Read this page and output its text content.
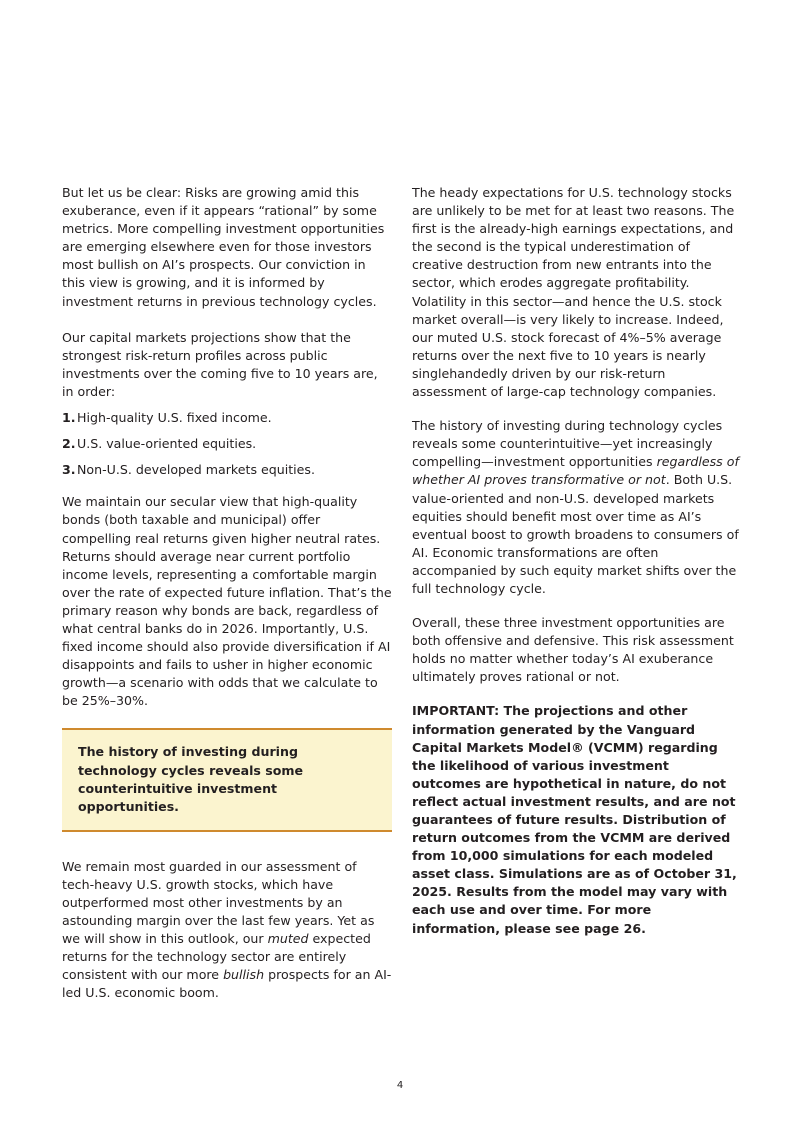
But let us be clear: Risks are growing amid this exuberance, even if it appears “rational” by some metrics. More compelling investment opportunities are emerging elsewhere even for those investors most bullish on AI’s prospects. Our conviction in this view is growing, and it is informed by investment returns in previous technology cycles.

Our capital markets projections show that the strongest risk-return profiles across public investments over the coming five to 10 years are, in order:

1. High-quality U.S. fixed income.
2. U.S. value-oriented equities.
3. Non-U.S. developed markets equities.

We maintain our secular view that high-quality bonds (both taxable and municipal) offer compelling real returns given higher neutral rates. Returns should average near current portfolio income levels, representing a comfortable margin over the rate of expected future inflation. That’s the primary reason why bonds are back, regardless of what central banks do in 2026. Importantly, U.S. fixed income should also provide diversification if AI disappoints and fails to usher in higher economic growth—a scenario with odds that we calculate to be 25%–30%.

The history of investing during technology cycles reveals some counterintuitive investment opportunities.

We remain most guarded in our assessment of tech-heavy U.S. growth stocks, which have outperformed most other investments by an astounding margin over the last few years. Yet as we will show in this outlook, our muted expected returns for the technology sector are entirely consistent with our more bullish prospects for an AI-led U.S. economic boom.

The heady expectations for U.S. technology stocks are unlikely to be met for at least two reasons. The first is the already-high earnings expectations, and the second is the typical underestimation of creative destruction from new entrants into the sector, which erodes aggregate profitability. Volatility in this sector—and hence the U.S. stock market overall—is very likely to increase. Indeed, our muted U.S. stock forecast of 4%–5% average returns over the next five to 10 years is nearly singlehandedly driven by our risk-return assessment of large-cap technology companies.

The history of investing during technology cycles reveals some counterintuitive—yet increasingly compelling—investment opportunities regardless of whether AI proves transformative or not. Both U.S. value-oriented and non-U.S. developed markets equities should benefit most over time as AI’s eventual boost to growth broadens to consumers of AI. Economic transformations are often accompanied by such equity market shifts over the full technology cycle.

Overall, these three investment opportunities are both offensive and defensive. This risk assessment holds no matter whether today’s AI exuberance ultimately proves rational or not.

IMPORTANT: The projections and other information generated by the Vanguard Capital Markets Model® (VCMM) regarding the likelihood of various investment outcomes are hypothetical in nature, do not reflect actual investment results, and are not guarantees of future results. Distribution of return outcomes from the VCMM are derived from 10,000 simulations for each modeled asset class. Simulations are as of October 31, 2025. Results from the model may vary with each use and over time. For more information, please see page 26.

4
